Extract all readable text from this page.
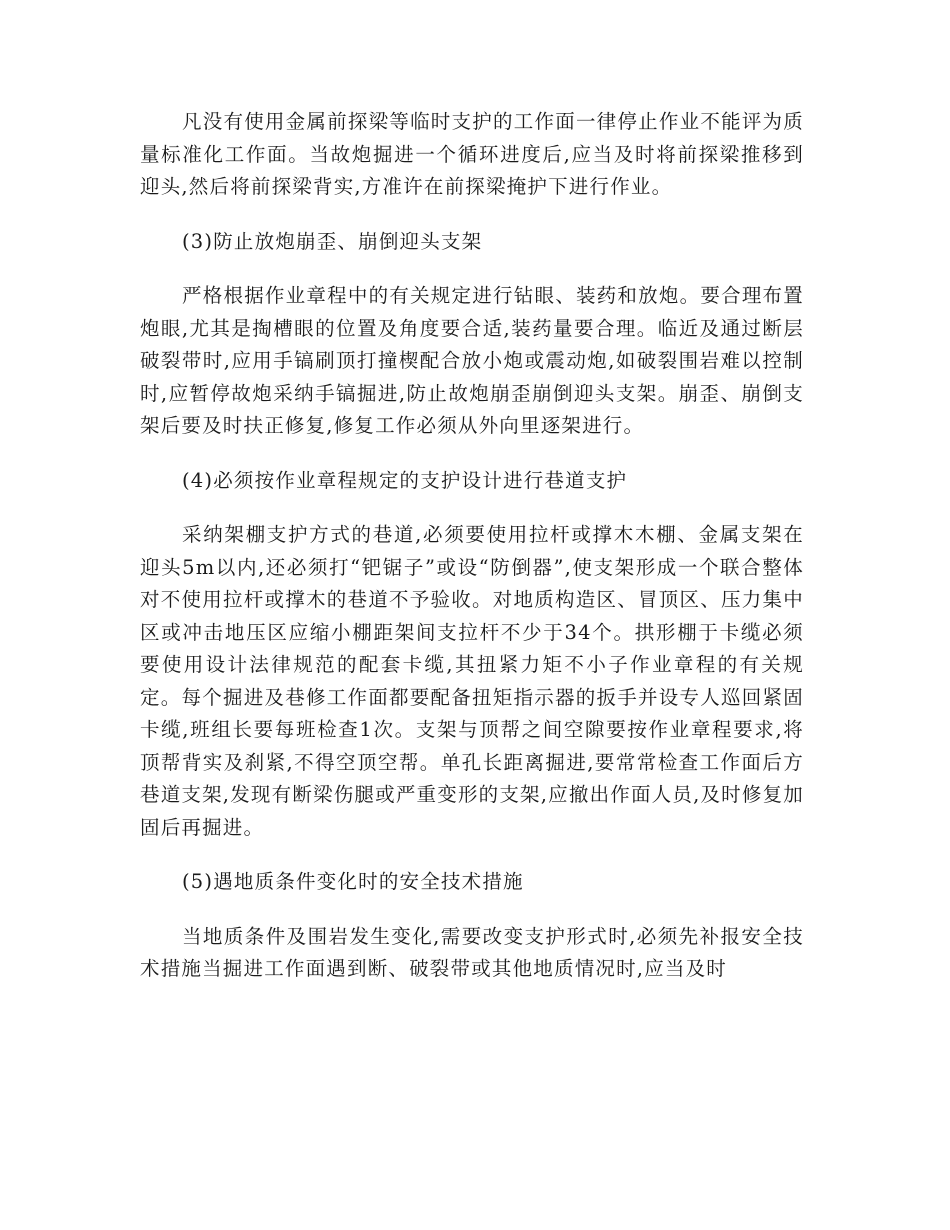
凡没有使用金属前探梁等临时支护的工作面一律停止作业不能评为质量标准化工作面。当故炮掘进一个循环进度后,应当及时将前探梁推移到迎头,然后将前探梁背实,方准许在前探梁掩护下进行作业。

(3)防止放炮崩歪、崩倒迎头支架

严格根据作业章程中的有关规定进行钻眼、装药和放炮。要合理布置炮眼,尤其是掏槽眼的位置及角度要合适,装药量要合理。临近及通过断层破裂带时,应用手镐刷顶打撞楔配合放小炮或震动炮,如破裂围岩难以控制时,应暂停故炮采纳手镐掘进,防止故炮崩歪崩倒迎头支架。崩歪、崩倒支架后要及时扶正修复,修复工作必须从外向里逐架进行。

(4)必须按作业章程规定的支护设计进行巷道支护

采纳架棚支护方式的巷道,必须要使用拉杆或撑木木棚、金属支架在迎头5m以内,还必须打“钯锯子”或设“防倒器”,使支架形成一个联合整体对不使用拉杆或撑木的巷道不予验收。对地质构造区、冒顶区、压力集中区或冲击地压区应缩小棚距架间支拉杆不少于34个。拱形棚于卡缆必须要使用设计法律规范的配套卡缆,其扭紧力矩不小子作业章程的有关规定。每个掘进及巷修工作面都要配备扭矩指示器的扳手并设专人巡回紧固卡缆,班组长要每班检查1次。支架与顶帮之间空隙要按作业章程要求,将顶帮背实及刹紧,不得空顶空帮。单孔长距离掘进,要常常检查工作面后方巷道支架,发现有断梁伤腿或严重变形的支架,应撤出作面人员,及时修复加固后再掘进。

(5)遇地质条件变化时的安全技术措施

当地质条件及围岩发生变化,需要改变支护形式时,必须先补报安全技术措施当掘进工作面遇到断、破裂带或其他地质情况时,应当及时
